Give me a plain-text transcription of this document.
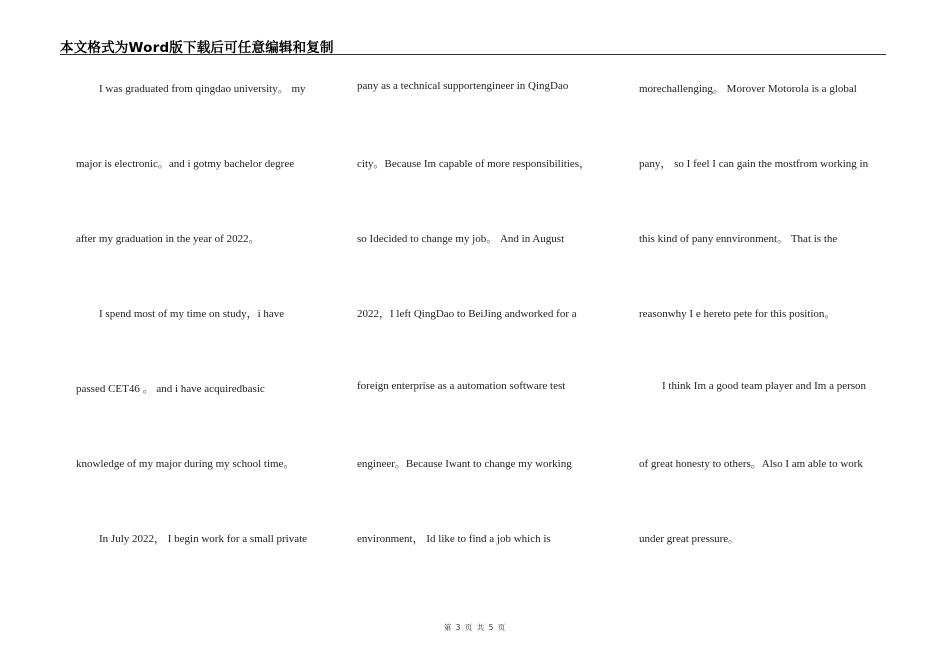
本文格式为Word版下载后可任意编辑和复制
I was graduated from qingdao university。 my
major is electronic。and i gotmy bachelor degree
after my graduation in the year of 2022。
I spend most of my time on study，i have
passed CET46 。 and i have acquiredbasic
knowledge of my major during my school time。
In July 2022， I begin work for a small private
pany as a technical supportengineer in QingDao
city。Because Im capable of more responsibilities，
so Idecided to change my job。 And in August
2022，I left QingDao to BeiJing andworked for a
foreign enterprise as a automation software test
engineer。Because Iwant to change my working
environment， Id like to find a job which is
morechallenging。 Morover Motorola is a global
pany， so I feel I can gain the mostfrom working in
this kind of pany ennvironment。 That is the
reasonwhy I e hereto pete for this position。
I think Im a good team player and Im a person
of great honesty to others。Also I am able to work
under great pressure。
第 3 页 共 5 页
